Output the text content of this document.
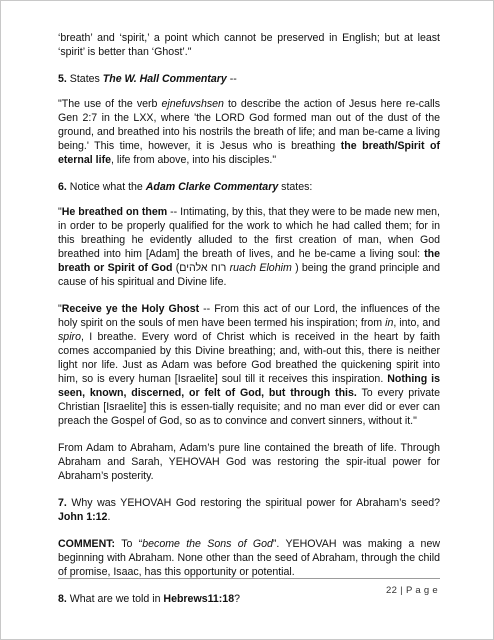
‘breath’ and ‘spirit,’ a point which cannot be preserved in English; but at least ‘spirit’ is better than ‘Ghost’."

5. States The W. Hall Commentary --

"The use of the verb ejnefuvshsen to describe the action of Jesus here re-calls Gen 2:7 in the LXX, where 'the LORD God formed man out of the dust of the ground, and breathed into his nostrils the breath of life; and man be-came a living being.' This time, however, it is Jesus who is breathing the breath/Spirit of eternal life, life from above, into his disciples."

6. Notice what the Adam Clarke Commentary states:

"He breathed on them -- Intimating, by this, that they were to be made new men, in order to be properly qualified for the work to which he had called them; for in this breathing he evidently alluded to the first creation of man, when God breathed into him [Adam] the breath of lives, and he be-came a living soul: the breath or Spirit of God (רוח אלהים ruach Elohim ) being the grand principle and cause of his spiritual and Divine life.

"Receive ye the Holy Ghost -- From this act of our Lord, the influences of the holy spirit on the souls of men have been termed his inspiration; from in, into, and spiro, I breathe. Every word of Christ which is received in the heart by faith comes accompanied by this Divine breathing; and, with-out this, there is neither light nor life. Just as Adam was before God breathed the quickening spirit into him, so is every human [Israelite] soul till it receives this inspiration. Nothing is seen, known, discerned, or felt of God, but through this. To every private Christian [Israelite] this is essen-tially requisite; and no man ever did or ever can preach the Gospel of God, so as to convince and convert sinners, without it."

From Adam to Abraham, Adam’s pure line contained the breath of life. Through Abraham and Sarah, YEHOVAH God was restoring the spir-itual power for Abraham’s posterity.

7. Why was YEHOVAH God restoring the spiritual power for Abraham’s seed? John 1:12.

COMMENT: To “become the Sons of God”. YEHOVAH was making a new beginning with Abraham. None other than the seed of Abraham, through the child of promise, Isaac, has this opportunity or potential.

8. What are we told in Hebrews11:18?

22 | P a g e
